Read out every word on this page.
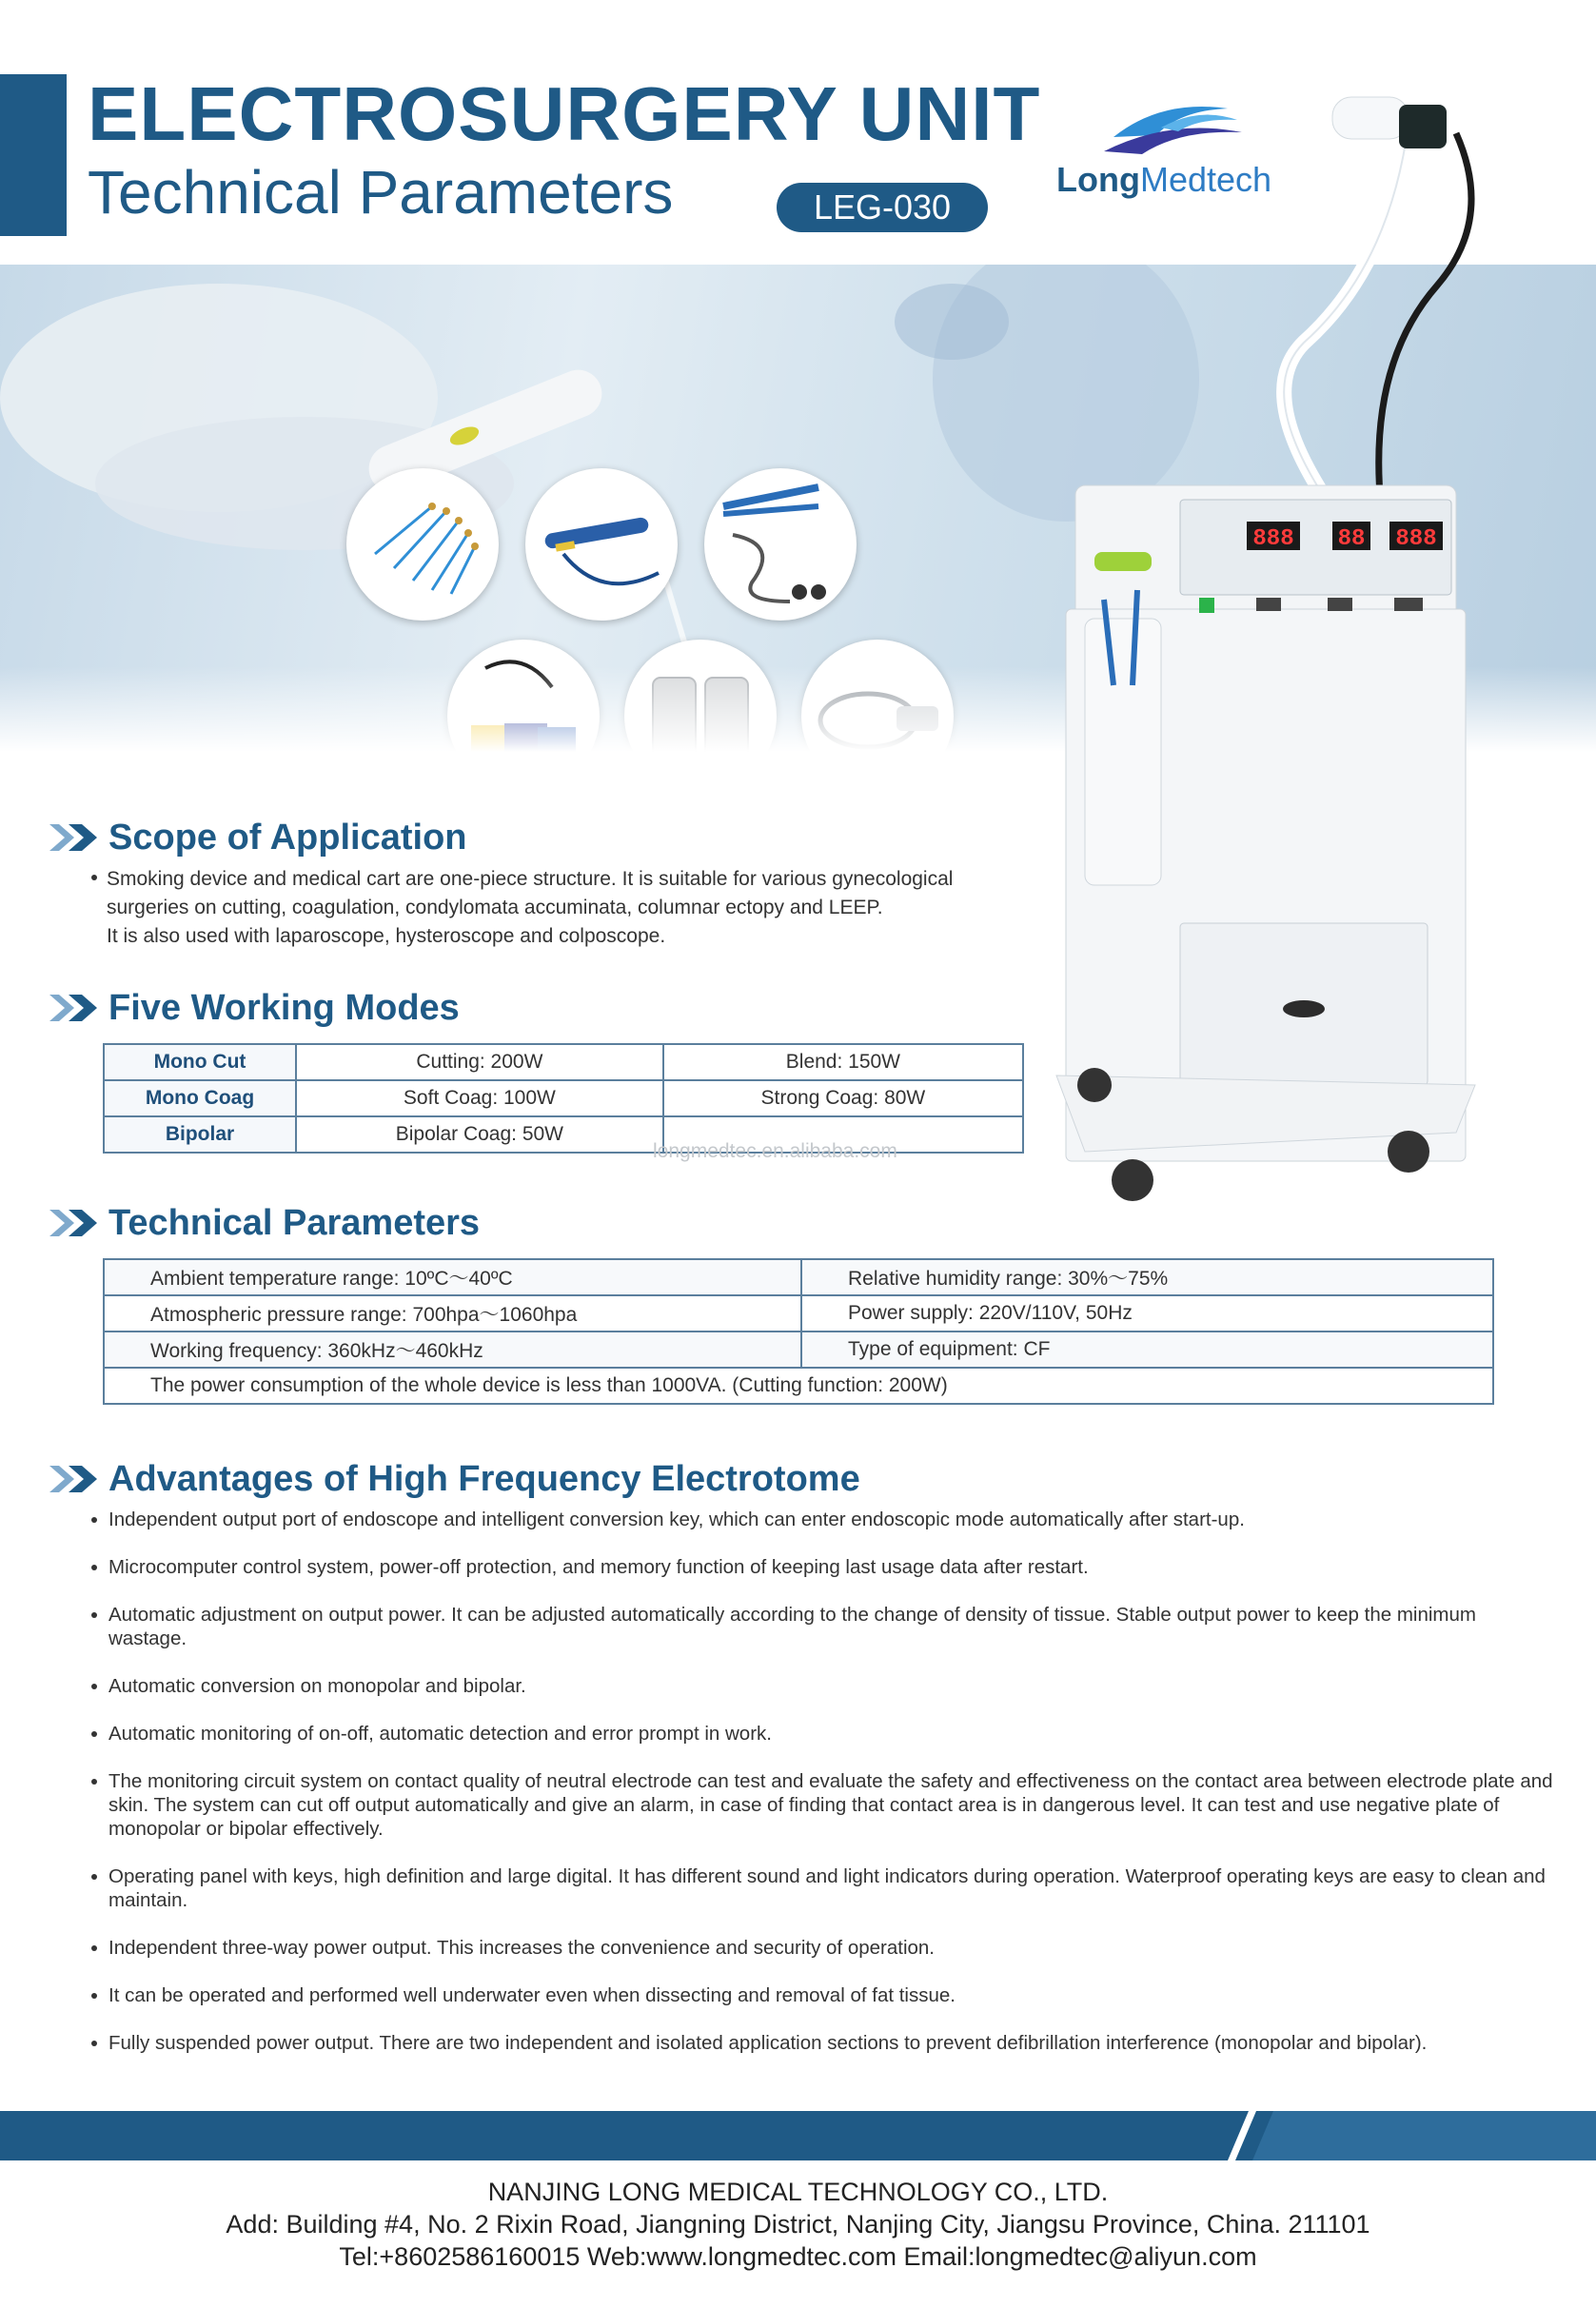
ELECTROSURGERY UNIT
Technical Parameters	LEG-030
LongMedtech
888 88 888
Scope of Application
Smoking device and medical cart are one-piece structure. It is suitable for various gynecological
surgeries on cutting, coagulation, condylomata accuminata, columnar ectopy and LEEP.
It is also used with laparoscope, hysteroscope and colposcope.
Five Working Modes
Mono Cut	Cutting: 200W	Blend: 150W
Mono Coag	Soft Coag: 100W	Strong Coag: 80W
Bipolar	Bipolar Coag: 50W	
longmedtec.en.alibaba.com
Technical Parameters
Ambient temperature range: 10ºC～40ºC	Relative humidity range: 30%～75%
Atmospheric pressure range: 700hpa～1060hpa	Power supply: 220V/110V, 50Hz
Working frequency: 360kHz～460kHz	Type of equipment: CF
The power consumption of the whole device is less than 1000VA. (Cutting function: 200W)	
Advantages of High Frequency Electrotome
Independent output port of endoscope and intelligent conversion key, which can enter endoscopic mode automatically after start-up.
Microcomputer control system, power-off protection, and memory function of keeping last usage data after restart.
Automatic adjustment on output power. It can be adjusted automatically according to the change of density of tissue. Stable output power to keep the minimum wastage.
Automatic conversion on monopolar and bipolar.
Automatic monitoring of on-off, automatic detection and error prompt in work.
The monitoring circuit system on contact quality of neutral electrode can test and evaluate the safety and effectiveness on the contact area between electrode plate and skin. The system can cut off output automatically and give an alarm, in case of finding that contact area is in dangerous level. It can test and use negative plate of monopolar or bipolar effectively.
Operating panel with keys, high definition and large digital. It has different sound and light indicators during operation. Waterproof operating keys are easy to clean and maintain.
Independent three-way power output. This increases the convenience and security of operation.
It can be operated and performed well underwater even when dissecting and removal of fat tissue.
Fully suspended power output. There are two independent and isolated application sections to prevent defibrillation interference (monopolar and bipolar).
NANJING LONG MEDICAL TECHNOLOGY CO., LTD.
Add: Building #4, No. 2 Rixin Road, Jiangning District, Nanjing City, Jiangsu Province, China. 211101
Tel:+8602586160015 Web:www.longmedtec.com Email:longmedtec@aliyun.com
